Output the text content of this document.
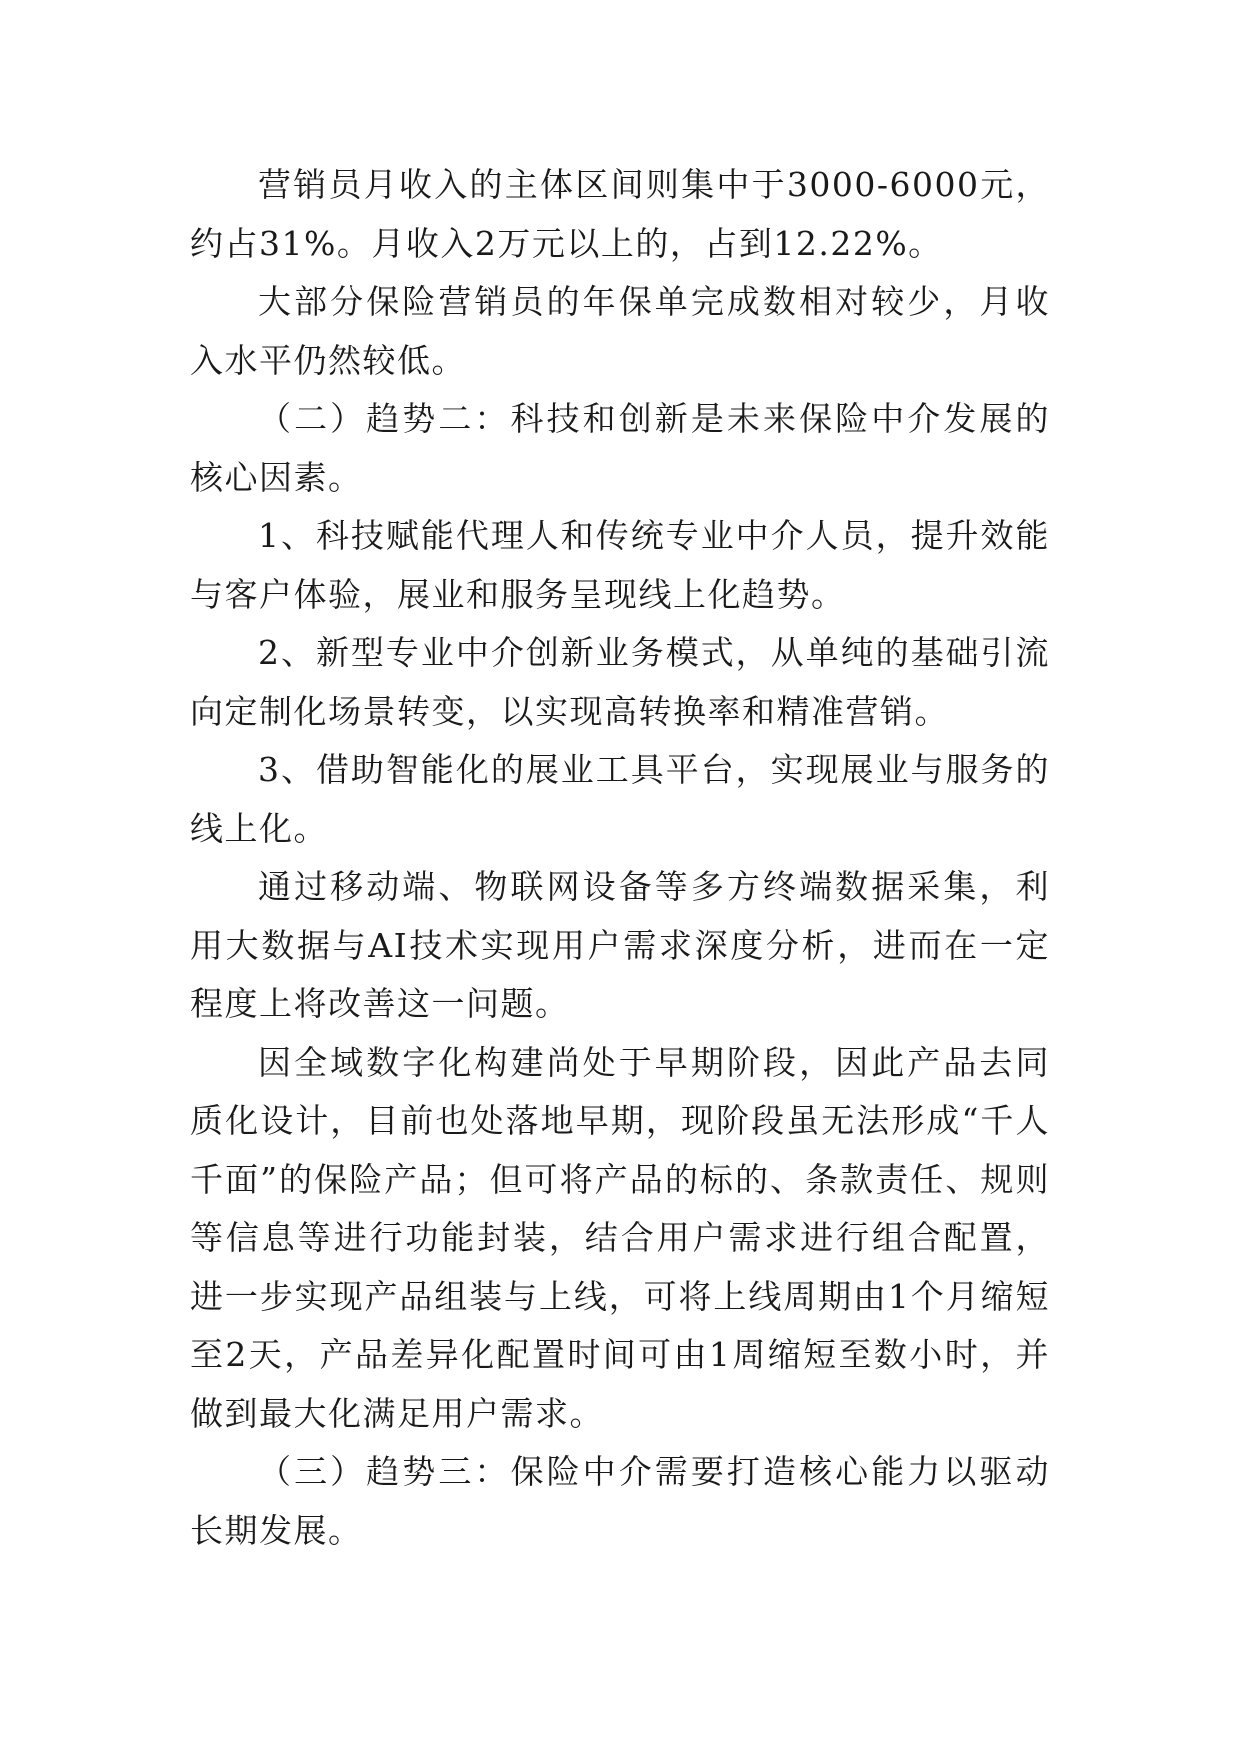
营销员月收入的主体区间则集中于3000-6000元，约占31%。月收入2万元以上的，占到12.22%。

大部分保险营销员的年保单完成数相对较少，月收入水平仍然较低。

（二）趋势二：科技和创新是未来保险中介发展的核心因素。

1、科技赋能代理人和传统专业中介人员，提升效能与客户体验，展业和服务呈现线上化趋势。

2、新型专业中介创新业务模式，从单纯的基础引流向定制化场景转变，以实现高转换率和精准营销。

3、借助智能化的展业工具平台，实现展业与服务的线上化。

通过移动端、物联网设备等多方终端数据采集，利用大数据与AI技术实现用户需求深度分析，进而在一定程度上将改善这一问题。

因全域数字化构建尚处于早期阶段，因此产品去同质化设计，目前也处落地早期，现阶段虽无法形成“千人千面”的保险产品；但可将产品的标的、条款责任、规则等信息等进行功能封装，结合用户需求进行组合配置，进一步实现产品组装与上线，可将上线周期由1个月缩短至2天，产品差异化配置时间可由1周缩短至数小时，并做到最大化满足用户需求。

（三）趋势三：保险中介需要打造核心能力以驱动长期发展。
